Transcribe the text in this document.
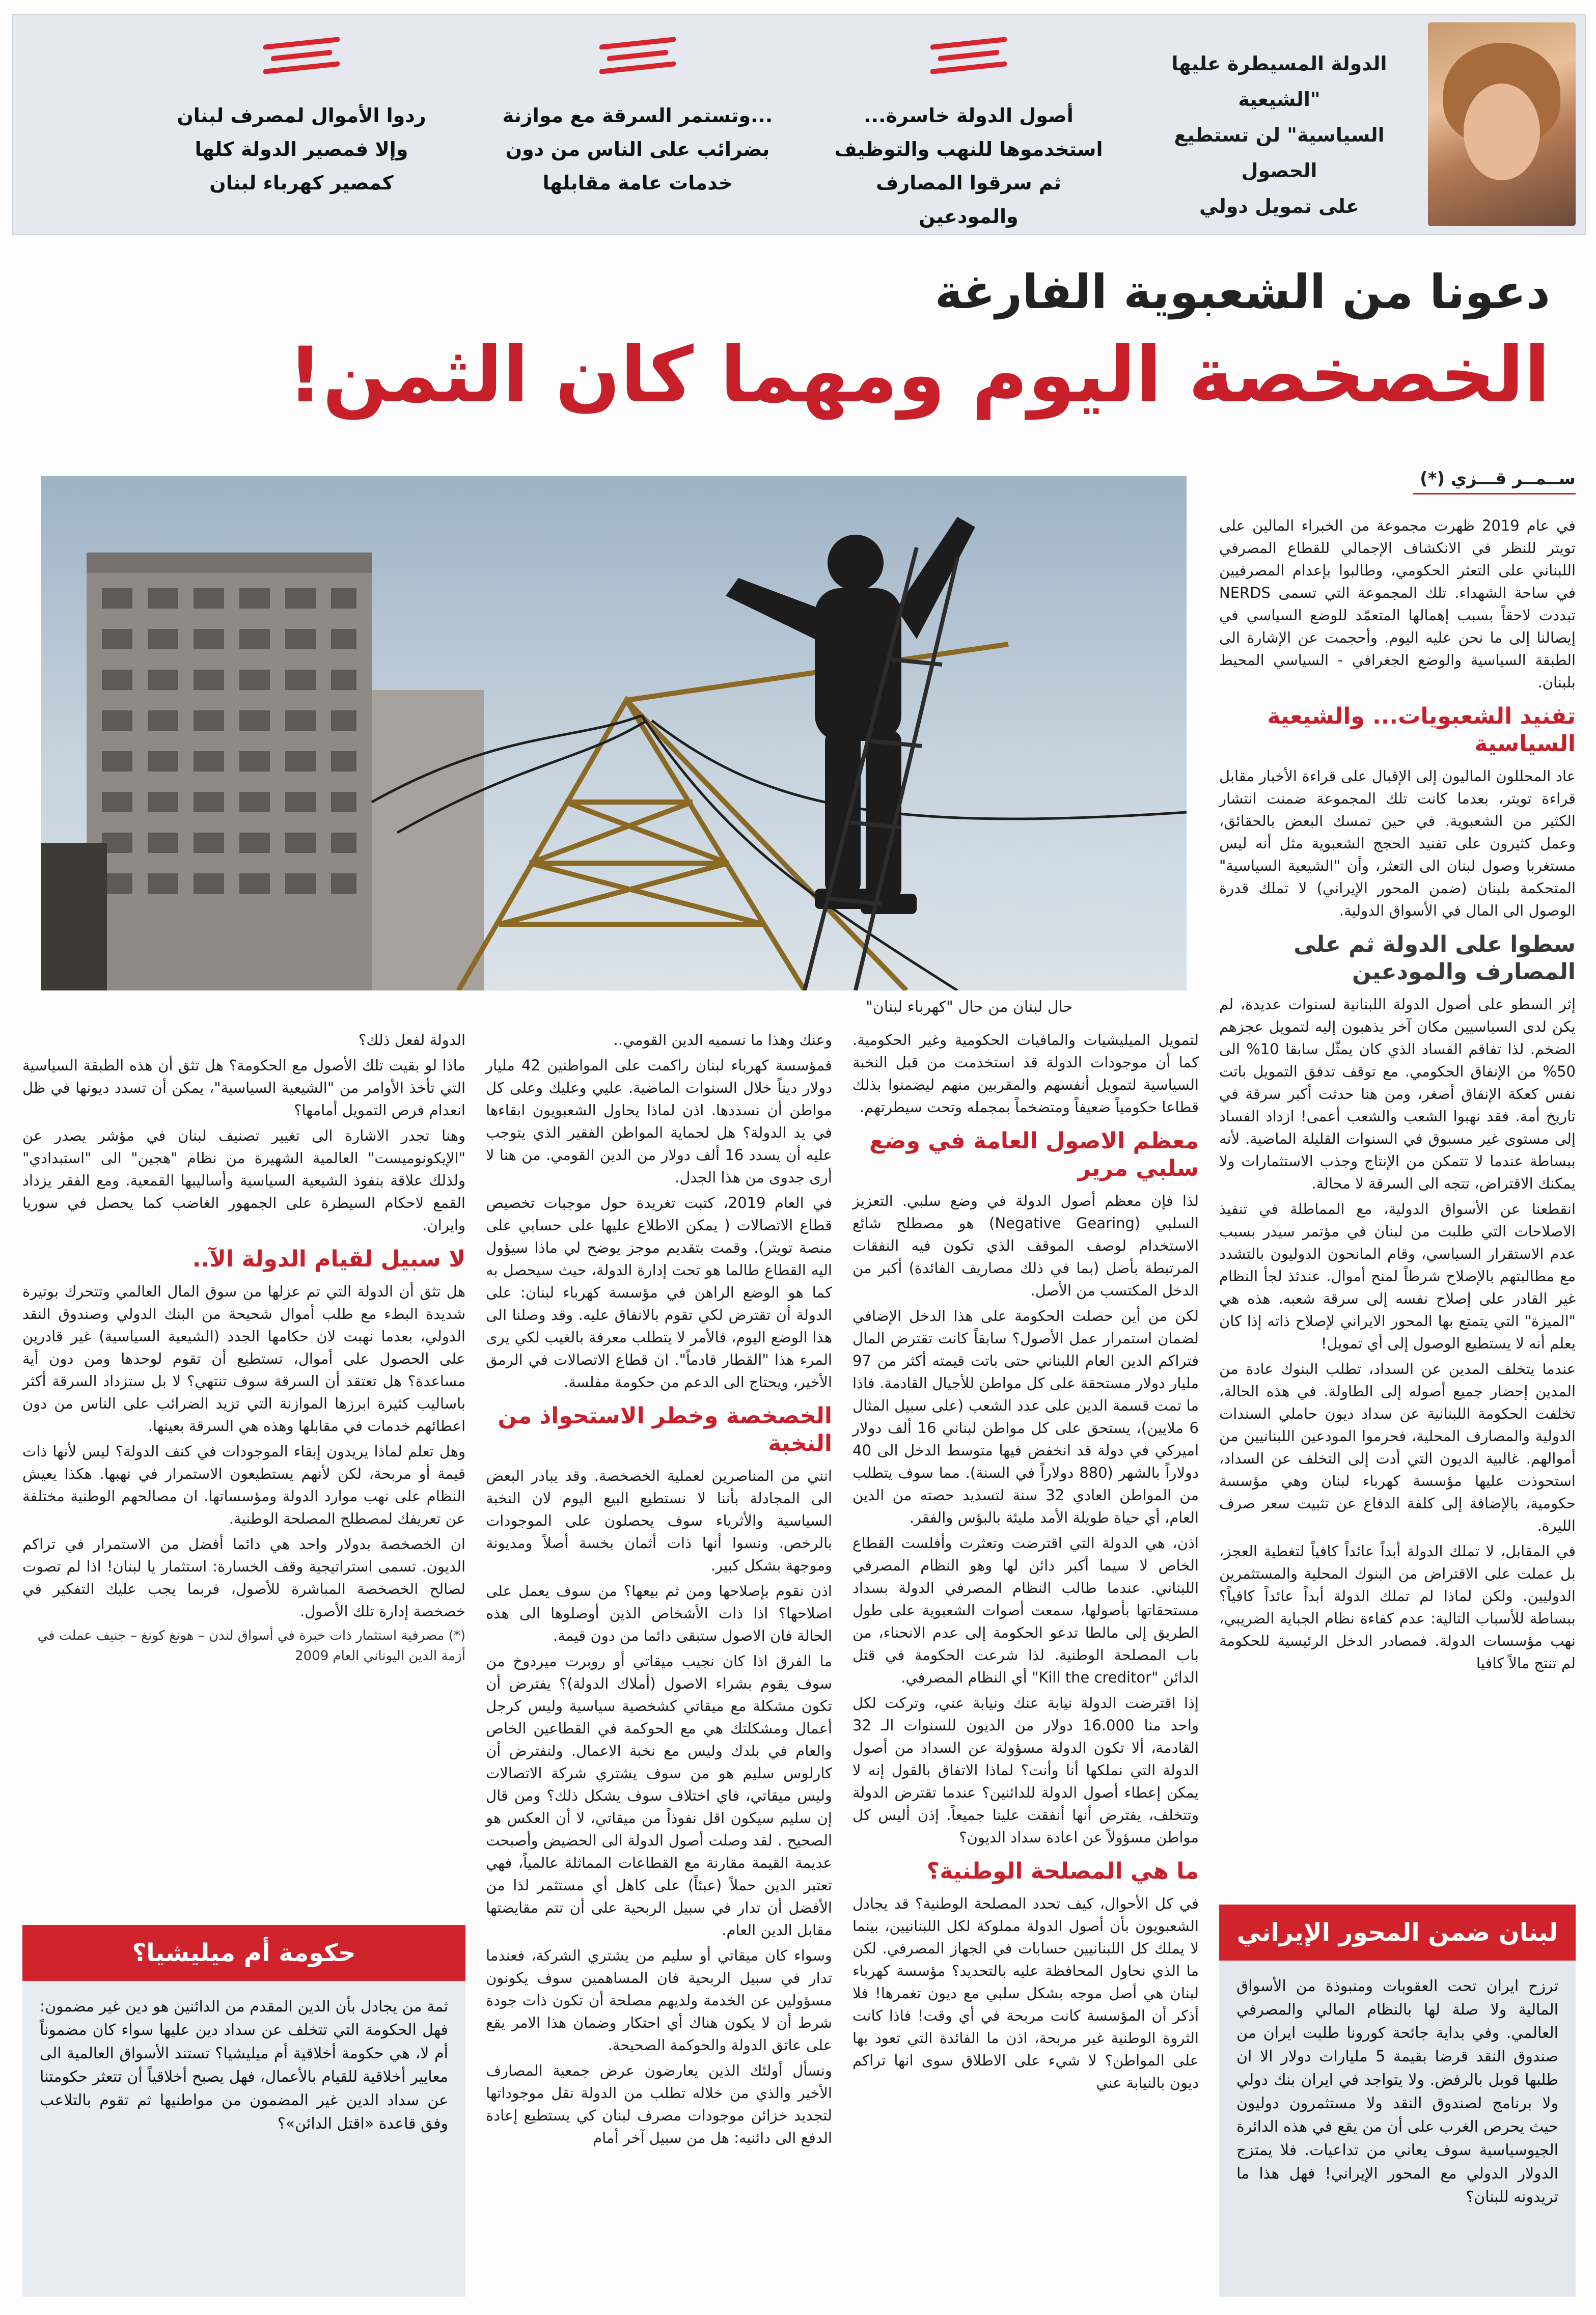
الدولة المسيطرة عليها "الشيعية

السياسية" لن تستطيع الحصول

على تمويل دولي

أصول الدولة خاسرة...

استخدموها للنهب والتوظيف

ثم سرقوا المصارف والمودعين

...وتستمر السرقة مع موازنة

بضرائب على الناس من دون

خدمات عامة مقابلها

ردوا الأموال لمصرف لبنان

وإلا فمصير الدولة كلها

كمصير كهرباء لبنان

دعونا من الشعبوية الفارغة
الخصخصة اليوم ومهما كان الثمن!
ســمــر قـــزي (*)
حال لبنان من حال "كهرباء لبنان"

في عام 2019 ظهرت مجموعة من الخبراء المالين على تويتر للنظر في الانكشاف الإجمالي للقطاع المصرفي اللبناني على التعثر الحكومي، وطالبوا بإعدام المصرفيين في ساحة الشهداء. تلك المجموعة التي تسمى NERDS تبددت لاحقاً بسبب إهمالها المتعمّد للوضع السياسي في إيصالنا إلى ما نحن عليه اليوم. وأحجمت عن الإشارة الى الطبقة السياسية والوضع الجغرافي - السياسي المحيط بلبنان.

تفنيد الشعبويات... والشيعية السياسية

عاد المحللون الماليون إلى الإقبال على قراءة الأخبار مقابل قراءة تويتر، بعدما كانت تلك المجموعة ضمنت انتشار الكثير من الشعبوية. في حين تمسك البعض بالحقائق، وعمل كثيرون على تفنيد الحجج الشعبوية مثل أنه ليس مستغربا وصول لبنان الى التعثر، وأن "الشيعية السياسية" المتحكمة بلبنان (ضمن المحور الإيراني) لا تملك قدرة الوصول الى المال في الأسواق الدولية.

سطوا على الدولة ثم على المصارف والمودعين

إثر السطو على أصول الدولة اللبنانية لسنوات عديدة، لم يكن لدى السياسيين مكان آخر يذهبون إليه لتمويل عجزهم الضخم. لذا تفاقم الفساد الذي كان يمثّل سابقا 10% الى 50% من الإنفاق الحكومي. مع توقف تدفق التمويل باتت نفس كعكة الإنفاق أصغر، ومن هنا حدثت أكبر سرقة في تاريخ أمة. فقد نهبوا الشعب والشعب أعمى! ازداد الفساد إلى مستوى غير مسبوق في السنوات القليلة الماضية. لأنه ببساطة عندما لا تتمكن من الإنتاج وجذب الاستثمارات ولا يمكنك الاقتراض، تتجه الى السرقة لا محالة.

انقطعنا عن الأسواق الدولية، مع المماطلة في تنفيذ الاصلاحات التي طلبت من لبنان في مؤتمر سيدر بسبب عدم الاستقرار السياسي، وقام المانحون الدوليون بالتشدد مع مطالبتهم بالإصلاح شرطاً لمنح أموال. عندئذ لجأ النظام غير القادر على إصلاح نفسه إلى سرقة شعبه. هذه هي "الميزة" التي يتمتع بها المحور الايراني لإصلاح ذاته إذا كان يعلم أنه لا يستطيع الوصول إلى أي تمويل!

عندما يتخلف المدين عن السداد، تطلب البنوك عادة من المدين إحضار جميع أصوله إلى الطاولة. في هذه الحالة، تخلفت الحكومة اللبنانية عن سداد ديون حاملي السندات الدولية والمصارف المحلية، فحرموا المودعين اللبنانيين من أموالهم. غالبية الديون التي أدت إلى التخلف عن السداد، استحوذت عليها مؤسسة كهرباء لبنان وهي مؤسسة حكومية، بالإضافة إلى كلفة الدفاع عن تثبيت سعر صرف الليرة.

في المقابل، لا تملك الدولة أبداً عائداً كافياً لتغطية العجز، بل عملت على الاقتراض من البنوك المحلية والمستثمرين الدوليين. ولكن لماذا لم تملك الدولة أبداً عائداً كافياً؟ ببساطة للأسباب التالية: عدم كفاءة نظام الجباية الضريبي، نهب مؤسسات الدولة. فمصادر الدخل الرئيسية للحكومة لم تنتج مالاً كافيا

لبنان ضمن المحور الإيراني
ترزح ايران تحت العقوبات ومنبوذة من الأسواق المالية ولا صلة لها بالنظام المالي والمصرفي العالمي. وفي بداية جائحة كورونا طلبت ايران من صندوق النقد قرضا بقيمة 5 مليارات دولار الا ان طلبها قوبل بالرفض. ولا يتواجد في ايران بنك دولي ولا برنامج لصندوق النقد ولا مستثمرون دوليون حيث يحرص الغرب على أن من يقع في هذه الدائرة الجيوسياسية سوف يعاني من تداعيات. فلا يمتزج الدولار الدولي مع المحور الإيراني! فهل هذا ما تريدونه للبنان؟

لتمويل الميليشيات والمافيات الحكومية وغير الحكومية. كما أن موجودات الدولة قد استخدمت من قبل النخبة السياسية لتمويل أنفسهم والمقربين منهم ليضمنوا بذلك قطاعا حكومياً ضعيفاً ومتضخماً بمجمله وتحت سيطرتهم.

معظم الاصول العامة في وضع سلبي مرير

لذا فإن معظم أصول الدولة في وضع سلبي. التعزيز السلبي (Negative Gearing) هو مصطلح شائع الاستخدام لوصف الموقف الذي تكون فيه النفقات المرتبطة بأصل (بما في ذلك مصاريف الفائدة) أكبر من الدخل المكتسب من الأصل.

لكن من أين حصلت الحكومة على هذا الدخل الإضافي لضمان استمرار عمل الأصول؟ سابقاً كانت تقترض المال فتراكم الدين العام اللبناني حتى باتت قيمته أكثر من 97 مليار دولار مستحقة على كل مواطن للأجيال القادمة. فاذا ما تمت قسمة الدين على عدد الشعب (على سبيل المثال 6 ملايين)، يستحق على كل مواطن لبناني 16 ألف دولار اميركي في دولة قد انخفض فيها متوسط الدخل الى 40 دولاراً بالشهر (880 دولاراً في السنة). مما سوف يتطلب من المواطن العادي 32 سنة لتسديد حصته من الدين العام، أي حياة طويلة الأمد مليئة بالبؤس والفقر.

اذن، هي الدولة التي اقترضت وتعثرت وأفلست القطاع الخاص لا سيما أكبر دائن لها وهو النظام المصرفي اللبناني. عندما طالب النظام المصرفي الدولة بسداد مستحقاتها بأصولها، سمعت أصوات الشعبوية على طول الطريق إلى مالطا تدعو الحكومة إلى عدم الانحناء، من باب المصلحة الوطنية. لذا شرعت الحكومة في قتل الدائن "Kill the creditor" أي النظام المصرفي.

إذا اقترضت الدولة نيابة عنك ونيابة عني، وتركت لكل واحد منا 16.000 دولار من الديون للسنوات الـ 32 القادمة، ألا تكون الدولة مسؤولة عن السداد من أصول الدولة التي نملكها أنا وأنت؟ لماذا الاتفاق بالقول إنه لا يمكن إعطاء أصول الدولة للدائنين؟ عندما تقترض الدولة وتتخلف، يفترض أنها أنفقت علينا جميعاً. إذن أليس كل مواطن مسؤولاً عن اعادة سداد الديون؟

ما هي المصلحة الوطنية؟

في كل الأحوال، كيف تحدد المصلحة الوطنية؟ قد يجادل الشعبويون بأن أصول الدولة مملوكة لكل اللبنانيين، بينما لا يملك كل اللبنانيين حسابات في الجهاز المصرفي. لكن ما الذي نحاول المحافظة عليه بالتحديد؟ مؤسسة كهرباء لبنان هي أصل موجه بشكل سلبي مع ديون تغمرها! فلا أذكر أن المؤسسة كانت مربحة في أي وقت! فاذا كانت الثروة الوطنية غير مربحة، اذن ما الفائدة التي تعود بها على المواطن؟ لا شيء على الاطلاق سوى انها تراكم ديون بالنيابة عني

وعنك وهذا ما نسميه الدين القومي..

فمؤسسة كهرباء لبنان راكمت على المواطنين 42 مليار دولار ديناً خلال السنوات الماضية. عليي وعليك وعلى كل مواطن أن نسددها. اذن لماذا يحاول الشعبويون ابقاءها في يد الدولة؟ هل لحماية المواطن الفقير الذي يتوجب عليه أن يسدد 16 ألف دولار من الدين القومي. من هنا لا أرى جدوى من هذا الجدل.

في العام 2019، كتبت تغريدة حول موجبات تخصيص قطاع الاتصالات ( يمكن الاطلاع عليها على حسابي على منصة تويتر). وقمت بتقديم موجز يوضح لي ماذا سيؤول اليه القطاع طالما هو تحت إدارة الدولة، حيث سيحصل به كما هو الوضع الراهن في مؤسسة كهرباء لبنان: على الدولة أن تقترض لكي تقوم بالانفاق عليه. وقد وصلنا الى هذا الوضع اليوم، فالأمر لا يتطلب معرفة بالغيب لكي يرى المرء هذا "القطار قادماً". ان قطاع الاتصالات في الرمق الأخير، ويحتاج الى الدعم من حكومة مفلسة.

الخصخصة وخطر الاستحواذ من النخبة

انني من المناصرين لعملية الخصخصة. وقد يبادر البعض الى المجادلة بأننا لا نستطيع البيع اليوم لان النخبة السياسية والأثرياء سوف يحصلون على الموجودات بالرخص. ونسوا أنها ذات أثمان بخسة أصلاً ومديونة وموجهة بشكل كبير.

اذن نقوم بإصلاحها ومن ثم بيعها؟ من سوف يعمل على اصلاحها؟ اذا ذات الأشخاص الذين أوصلوها الى هذه الحالة فان الاصول ستبقى دائما من دون قيمة.

ما الفرق اذا كان نجيب ميقاتي أو روبرت ميردوخ من سوف يقوم بشراء الاصول (أملاك الدولة)؟ يفترض أن تكون مشكلة مع ميقاتي كشخصية سياسية وليس كرجل أعمال ومشكلتك هي مع الحوكمة في القطاعين الخاص والعام في بلدك وليس مع نخبة الاعمال. ولنفترض أن كارلوس سليم هو من سوف يشتري شركة الاتصالات وليس ميقاتي، فاي اختلاف سوف يشكل ذلك؟ ومن قال إن سليم سيكون اقل نفوذاً من ميقاتي، لا أن العكس هو الصحيح . لقد وصلت أصول الدولة الى الحضيض وأصبحت عديمة القيمة مقارنة مع القطاعات المماثلة عالمياً، فهي تعتبر الدين حملاً (عبئاً) على كاهل أي مستثمر لذا من الأفضل أن تدار في سبيل الربحية على أن تتم مقايضتها مقابل الدين العام.

وسواء كان ميقاتي أو سليم من يشتري الشركة، فعندما تدار في سبيل الربحية فان المساهمين سوف يكونون مسؤولين عن الخدمة ولديهم مصلحة أن تكون ذات جودة شرط أن لا يكون هناك أي احتكار وضمان هذا الامر يقع على عاتق الدولة والحوكمة الصحيحة.

ونسأل أولئك الذين يعارضون عرض جمعية المصارف الأخير والذي من خلاله تطلب من الدولة نقل موجوداتها لتجديد خزائن موجودات مصرف لبنان كي يستطيع إعادة الدفع الى دائنيه: هل من سبيل آخر أمام

الدولة لفعل ذلك؟

ماذا لو بقيت تلك الأصول مع الحكومة؟ هل تثق أن هذه الطبقة السياسية التي تأخذ الأوامر من "الشيعية السياسية"، يمكن أن تسدد ديونها في ظل انعدام فرص التمويل أمامها؟

وهنا تجدر الاشارة الى تغيير تصنيف لبنان في مؤشر يصدر عن "الإيكونوميست" العالمية الشهيرة من نظام "هجين" الى "استبدادي" ولذلك علاقة بنفوذ الشيعية السياسية وأساليبها القمعية. ومع الفقر يزداد القمع لاحكام السيطرة على الجمهور الغاضب كما يحصل في سوريا وايران.

لا سبيل لقيام الدولة الآ..

هل تثق أن الدولة التي تم عزلها من سوق المال العالمي وتتحرك بوتيرة شديدة البطء مع طلب أموال شحيحة من البنك الدولي وصندوق النقد الدولي، بعدما نهبت لان حكامها الجدد (الشيعية السياسية) غير قادرين على الحصول على أموال، تستطيع أن تقوم لوحدها ومن دون أية مساعدة؟ هل تعتقد أن السرقة سوف تنتهي؟ لا بل ستزداد السرقة أكثر باساليب كثيرة ابرزها الموازنة التي تزيد الضرائب على الناس من دون اعطائهم خدمات في مقابلها وهذه هي السرقة بعينها.

وهل تعلم لماذا يريدون إبقاء الموجودات في كنف الدولة؟ ليس لأنها ذات قيمة أو مربحة، لكن لأنهم يستطيعون الاستمرار في نهبها. هكذا يعيش النظام على نهب موارد الدولة ومؤسساتها. ان مصالحهم الوطنية مختلفة عن تعريفك لمصطلح المصلحة الوطنية.

ان الخصخصة بدولار واحد هي دائما أفضل من الاستمرار في تراكم الديون. تسمى استراتيجية وقف الخسارة: استثمار يا لبنان! اذا لم تصوت لصالح الخصخصة المباشرة للأصول، فربما يجب عليك التفكير في خصخصة إدارة تلك الأصول.

(*) مصرفية استثمار ذات خبرة في أسواق لندن – هونغ كونغ – جنيف عملت في أزمة الدين اليوناني العام 2009

حكومة أم ميليشيا؟
ثمة من يجادل بأن الدين المقدم من الدائنين هو دين غير مضمون: فهل الحكومة التي تتخلف عن سداد دين عليها سواء كان مضموناً أم لا، هي حكومة أخلاقية أم ميليشيا؟ تستند الأسواق العالمية الى معايير أخلاقية للقيام بالأعمال، فهل يصبح أخلاقياً أن تتعثر حكومتنا عن سداد الدين غير المضمون من مواطنيها ثم تقوم بالتلاعب وفق قاعدة «اقتل الدائن»؟
